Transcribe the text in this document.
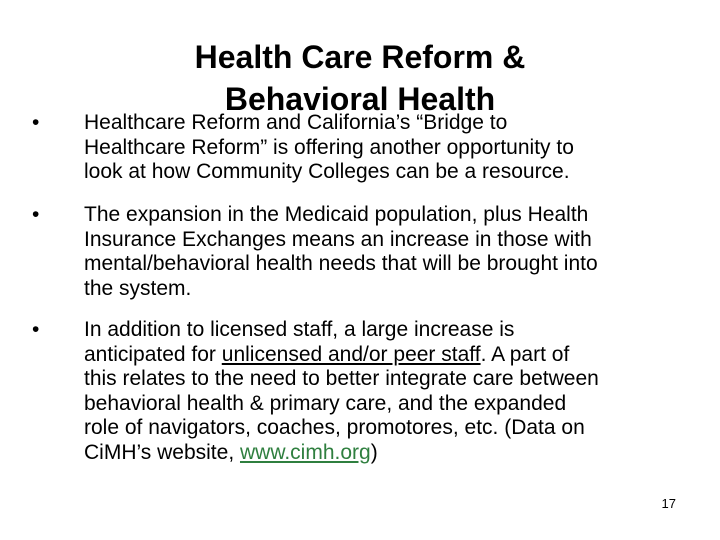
Health Care Reform &
Behavioral Health
•	Healthcare Reform and California’s “Bridge to
Healthcare Reform” is offering another opportunity to
look at how Community Colleges can be a resource.
•	The expansion in the Medicaid population, plus Health
Insurance Exchanges means an increase in those with
mental/behavioral health needs that will be brought into
the system.
•	In addition to licensed staff, a large increase is
anticipated for unlicensed and/or peer staff. A part of
this relates to the need to better integrate care between
behavioral health & primary care, and the expanded
role of navigators, coaches, promotores, etc. (Data on
CiMH’s website, www.cimh.org)
17
